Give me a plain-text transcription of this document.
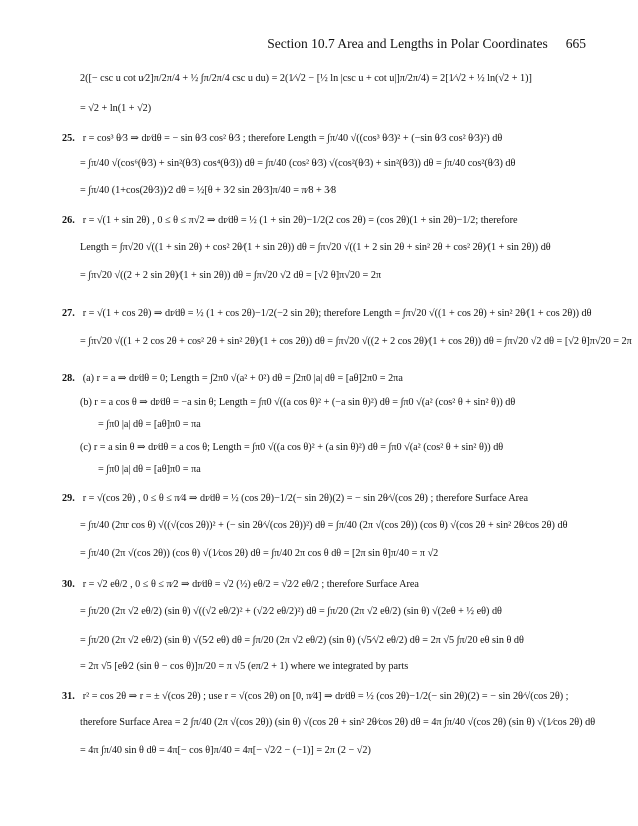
Section 10.7 Area and Lengths in Polar Coordinates 665
2([− csc u cot u⁄2]π/2π/4 + ½ ∫π/2π/4 csc u du) = 2(1⁄√2 − [½ ln |csc u + cot u|]π/2π/4) = 2[1⁄√2 + ½ ln(√2 + 1)]
= √2 + ln(1 + √2)
25. r = cos³ θ⁄3 ⇒ dr⁄dθ = − sin θ⁄3 cos² θ⁄3 ; therefore Length = ∫π/40 √((cos³ θ⁄3)² + (−sin θ⁄3 cos² θ⁄3)²) dθ
= ∫π/40 √(cos⁶(θ⁄3) + sin²(θ⁄3) cos⁴(θ⁄3)) dθ = ∫π/40 (cos² θ⁄3) √(cos²(θ⁄3) + sin²(θ⁄3)) dθ = ∫π/40 cos²(θ⁄3) dθ
= ∫π/40 (1+cos(2θ⁄3))⁄2 dθ = ½[θ + 3⁄2 sin 2θ⁄3]π/40 = π⁄8 + 3⁄8
26. r = √(1 + sin 2θ) , 0 ≤ θ ≤ π√2 ⇒ dr⁄dθ = ½ (1 + sin 2θ)−1/2(2 cos 2θ) = (cos 2θ)(1 + sin 2θ)−1/2; therefore
Length = ∫π√20 √((1 + sin 2θ) + cos² 2θ⁄(1 + sin 2θ)) dθ = ∫π√20 √((1 + 2 sin 2θ + sin² 2θ + cos² 2θ)⁄(1 + sin 2θ)) dθ
= ∫π√20 √((2 + 2 sin 2θ)⁄(1 + sin 2θ)) dθ = ∫π√20 √2 dθ = [√2 θ]π√20 = 2π
27. r = √(1 + cos 2θ) ⇒ dr⁄dθ = ½ (1 + cos 2θ)−1/2(−2 sin 2θ); therefore Length = ∫π√20 √((1 + cos 2θ) + sin² 2θ⁄(1 + cos 2θ)) dθ
= ∫π√20 √((1 + 2 cos 2θ + cos² 2θ + sin² 2θ)⁄(1 + cos 2θ)) dθ = ∫π√20 √((2 + 2 cos 2θ)⁄(1 + cos 2θ)) dθ = ∫π√20 √2 dθ = [√2 θ]π√20 = 2π
28. (a) r = a ⇒ dr⁄dθ = 0; Length = ∫2π0 √(a² + 0²) dθ = ∫2π0 |a| dθ = [aθ]2π0 = 2πa
(b) r = a cos θ ⇒ dr⁄dθ = −a sin θ; Length = ∫π0 √((a cos θ)² + (−a sin θ)²) dθ = ∫π0 √(a² (cos² θ + sin² θ)) dθ
= ∫π0 |a| dθ = [aθ]π0 = πa
(c) r = a sin θ ⇒ dr⁄dθ = a cos θ; Length = ∫π0 √((a cos θ)² + (a sin θ)²) dθ = ∫π0 √(a² (cos² θ + sin² θ)) dθ
= ∫π0 |a| dθ = [aθ]π0 = πa
29. r = √(cos 2θ) , 0 ≤ θ ≤ π⁄4 ⇒ dr⁄dθ = ½ (cos 2θ)−1/2(− sin 2θ)(2) = − sin 2θ⁄√(cos 2θ) ; therefore Surface Area
= ∫π/40 (2πr cos θ) √((√(cos 2θ))² + (− sin 2θ⁄√(cos 2θ))²) dθ = ∫π/40 (2π √(cos 2θ)) (cos θ) √(cos 2θ + sin² 2θ⁄cos 2θ) dθ
= ∫π/40 (2π √(cos 2θ)) (cos θ) √(1⁄cos 2θ) dθ = ∫π/40 2π cos θ dθ = [2π sin θ]π/40 = π √2
30. r = √2 eθ/2 , 0 ≤ θ ≤ π⁄2 ⇒ dr⁄dθ = √2 (½) eθ/2 = √2⁄2 eθ/2 ; therefore Surface Area
= ∫π/20 (2π √2 eθ/2) (sin θ) √((√2 eθ/2)² + (√2⁄2 eθ/2)²) dθ = ∫π/20 (2π √2 eθ/2) (sin θ) √(2eθ + ½ eθ) dθ
= ∫π/20 (2π √2 eθ/2) (sin θ) √(5⁄2 eθ) dθ = ∫π/20 (2π √2 eθ/2) (sin θ) (√5⁄√2 eθ/2) dθ = 2π √5 ∫π/20 eθ sin θ dθ
= 2π √5 [eθ⁄2 (sin θ − cos θ)]π/20 = π √5 (eπ/2 + 1) where we integrated by parts
31. r² = cos 2θ ⇒ r = ± √(cos 2θ) ; use r = √(cos 2θ) on [0, π⁄4] ⇒ dr⁄dθ = ½ (cos 2θ)−1/2(− sin 2θ)(2) = − sin 2θ⁄√(cos 2θ) ;
therefore Surface Area = 2 ∫π/40 (2π √(cos 2θ)) (sin θ) √(cos 2θ + sin² 2θ⁄cos 2θ) dθ = 4π ∫π/40 √(cos 2θ) (sin θ) √(1⁄cos 2θ) dθ
= 4π ∫π/40 sin θ dθ = 4π[− cos θ]π/40 = 4π[− √2⁄2 − (−1)] = 2π (2 − √2)
